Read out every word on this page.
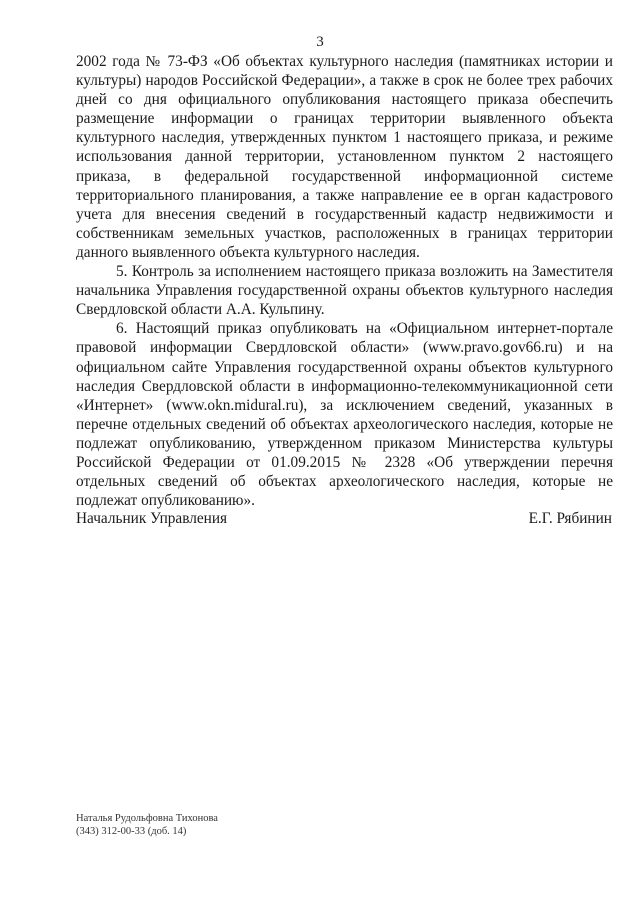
3

2002 года № 73-ФЗ «Об объектах культурного наследия (памятниках истории и культуры) народов Российской Федерации», а также в срок не более трех рабочих дней со дня официального опубликования настоящего приказа обеспечить размещение информации о границах территории выявленного объекта культурного наследия, утвержденных пунктом 1 настоящего приказа, и режиме использования данной территории, установленном пунктом 2 настоящего приказа, в федеральной государственной информационной системе территориального планирования, а также направление ее в орган кадастрового учета для внесения сведений в государственный кадастр недвижимости и собственникам земельных участков, расположенных в границах территории данного выявленного объекта культурного наследия.

5. Контроль за исполнением настоящего приказа возложить на Заместителя начальника Управления государственной охраны объектов культурного наследия Свердловской области А.А. Кульпину.

6. Настоящий приказ опубликовать на «Официальном интернет-портале правовой информации Свердловской области» (www.pravo.gov66.ru) и на официальном сайте Управления государственной охраны объектов культурного наследия Свердловской области в информационно-телекоммуникационной сети «Интернет» (www.okn.midural.ru), за исключением сведений, указанных в перечне отдельных сведений об объектах археологического наследия, которые не подлежат опубликованию, утвержденном приказом Министерства культуры Российской Федерации от 01.09.2015 № 2328 «Об утверждении перечня отдельных сведений об объектах археологического наследия, которые не подлежат опубликованию».

Начальник Управления	Е.Г. Рябинин
Наталья Рудольфовна Тихонова
(343) 312-00-33 (доб. 14)
